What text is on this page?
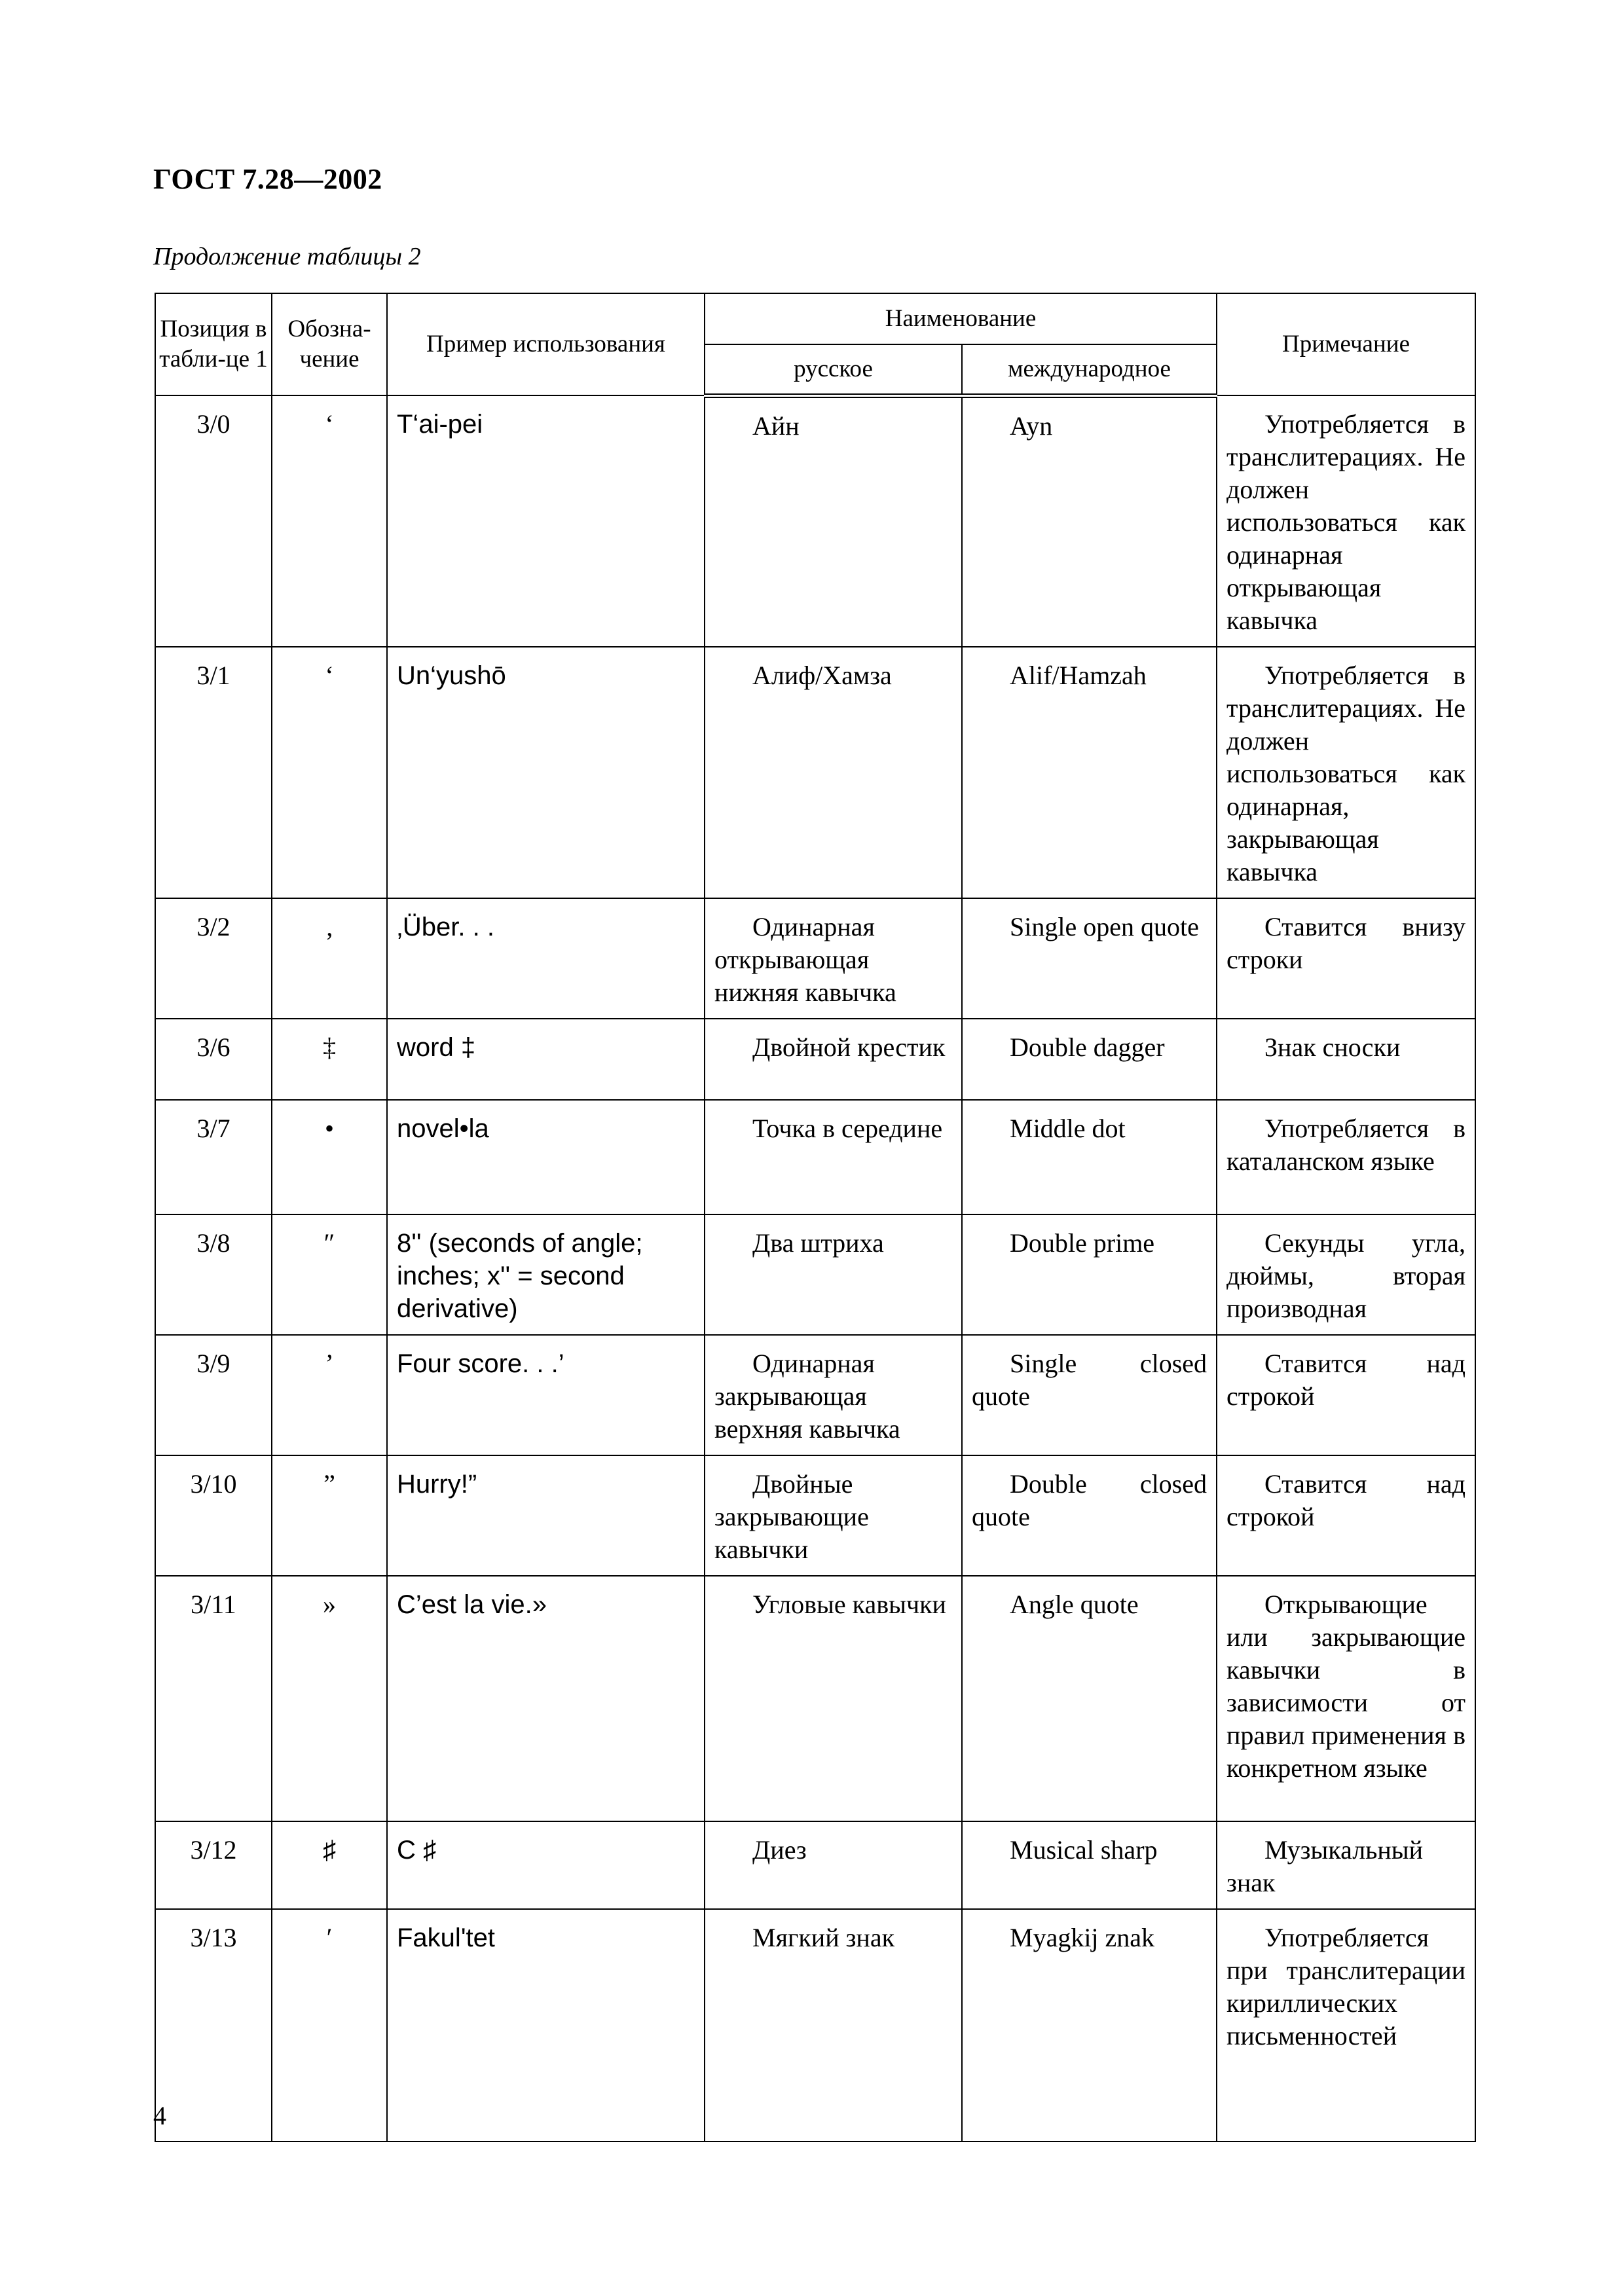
ГОСТ 7.28—2002
Продолжение таблицы 2
Позиция в табли-це 1	Обозна-чение	Пример использования	Наименование		Примечание
			русское	международное	
3/0	ʻ	T‘ai-pei	Айн	Ayn	Употребляется в транслитерациях. Не должен использоваться как одинарная открывающая кавычка
3/1	ʻ	Un‘yushō	Алиф/Хамза	Alif/Hamzah	Употребляется в транслитерациях. Не должен использоваться как одинарная, закрывающая кавычка
3/2	‚	‚Über. . .	Одинарная открывающая нижняя кавычка	Single open quote	Ставится внизу строки
3/6	‡	word ‡	Двойной крестик	Double dagger	Знак сноски
3/7	•	novel•la	Точка в середине	Middle dot	Употребляется в каталанском языке
3/8	″	8'' (seconds of angle; inches; x'' = second derivative)	Два штриха	Double prime	Секунды угла, дюймы, вторая производная
3/9	’	Four score. . .’	Одинарная закрывающая верхняя кавычка	Single closed quote	Ставится над строкой
3/10	”	Hurry!”	Двойные закрывающие кавычки	Double closed quote	Ставится над строкой
3/11	»	C’est la vie.»	Угловые кавычки	Angle quote	Открывающие или закрывающие кавычки в зависимости от правил применения в конкретном языке
3/12	♯	C ♯	Диез	Musical sharp	Музыкальный знак
3/13	ʹ	Fakulʹtet	Мягкий знак	Myagkij znak	Употребляется при транслитерации кириллических письменностей
4
